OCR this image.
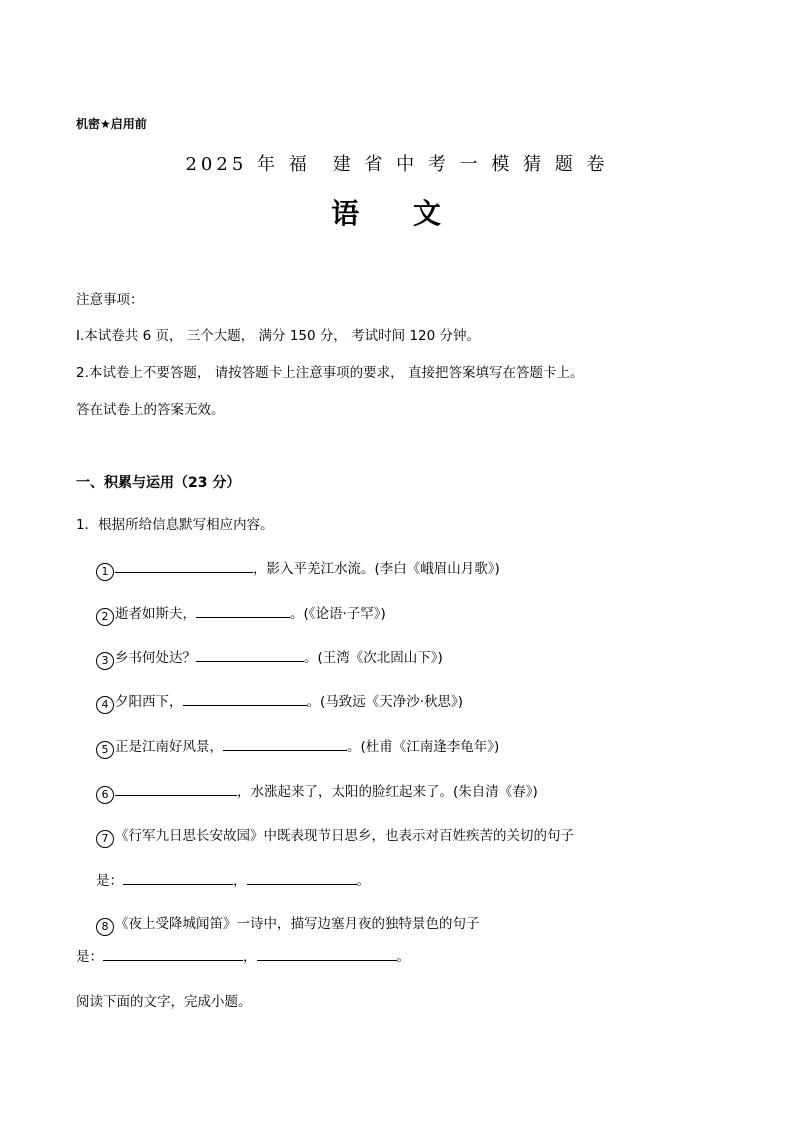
机密★启用前
2025 年 福　建 省 中 考 一 模 猜 题 卷
语 文
注意事项：
I.本试卷共 6 页， 三个大题， 满分 150 分， 考试时间 120 分钟。
2.本试卷上不要答题， 请按答题卡上注意事项的要求， 直接把答案填写在答题卡上。
答在试卷上的答案无效。
一、积累与运用（23 分）
1．根据所给信息默写相应内容。
1	，影入平羌江水流。(李白《峨眉山月歌》)
2 逝者如斯夫，	。(《论语·子罕》)
3 乡书何处达？	。(王湾《次北固山下》)
4 夕阳西下，	。(马致远《天净沙·秋思》)
5 正是江南好风景，	。(杜甫《江南逢李龟年》)
6	，水涨起来了，太阳的脸红起来了。(朱自清《春》)
7 《行军九日思长安故园》中既表现节日思乡，也表示对百姓疾苦的关切的句子
是：	，	。
8 《夜上受降城闻笛》一诗中，描写边塞月夜的独特景色的句子
是：	，	。
阅读下面的文字，完成小题。
